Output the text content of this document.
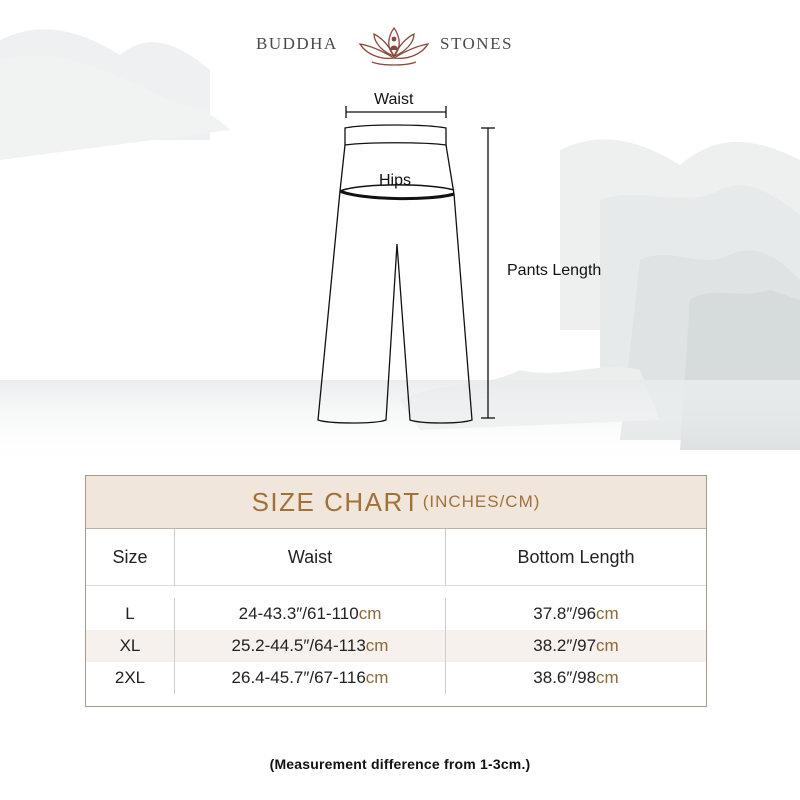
BUDDHA	STONES
Waist
Hips
Pants Length
SIZE CHART (INCHES/CM)
Size	Waist	Bottom Length
L	24-43.3″/61-110 cm	37.8″/96 cm
XL	25.2-44.5″/64-113 cm	38.2″/97 cm
2XL	26.4-45.7″/67-116 cm	38.6″/98 cm
(Measurement difference from 1-3cm.)
